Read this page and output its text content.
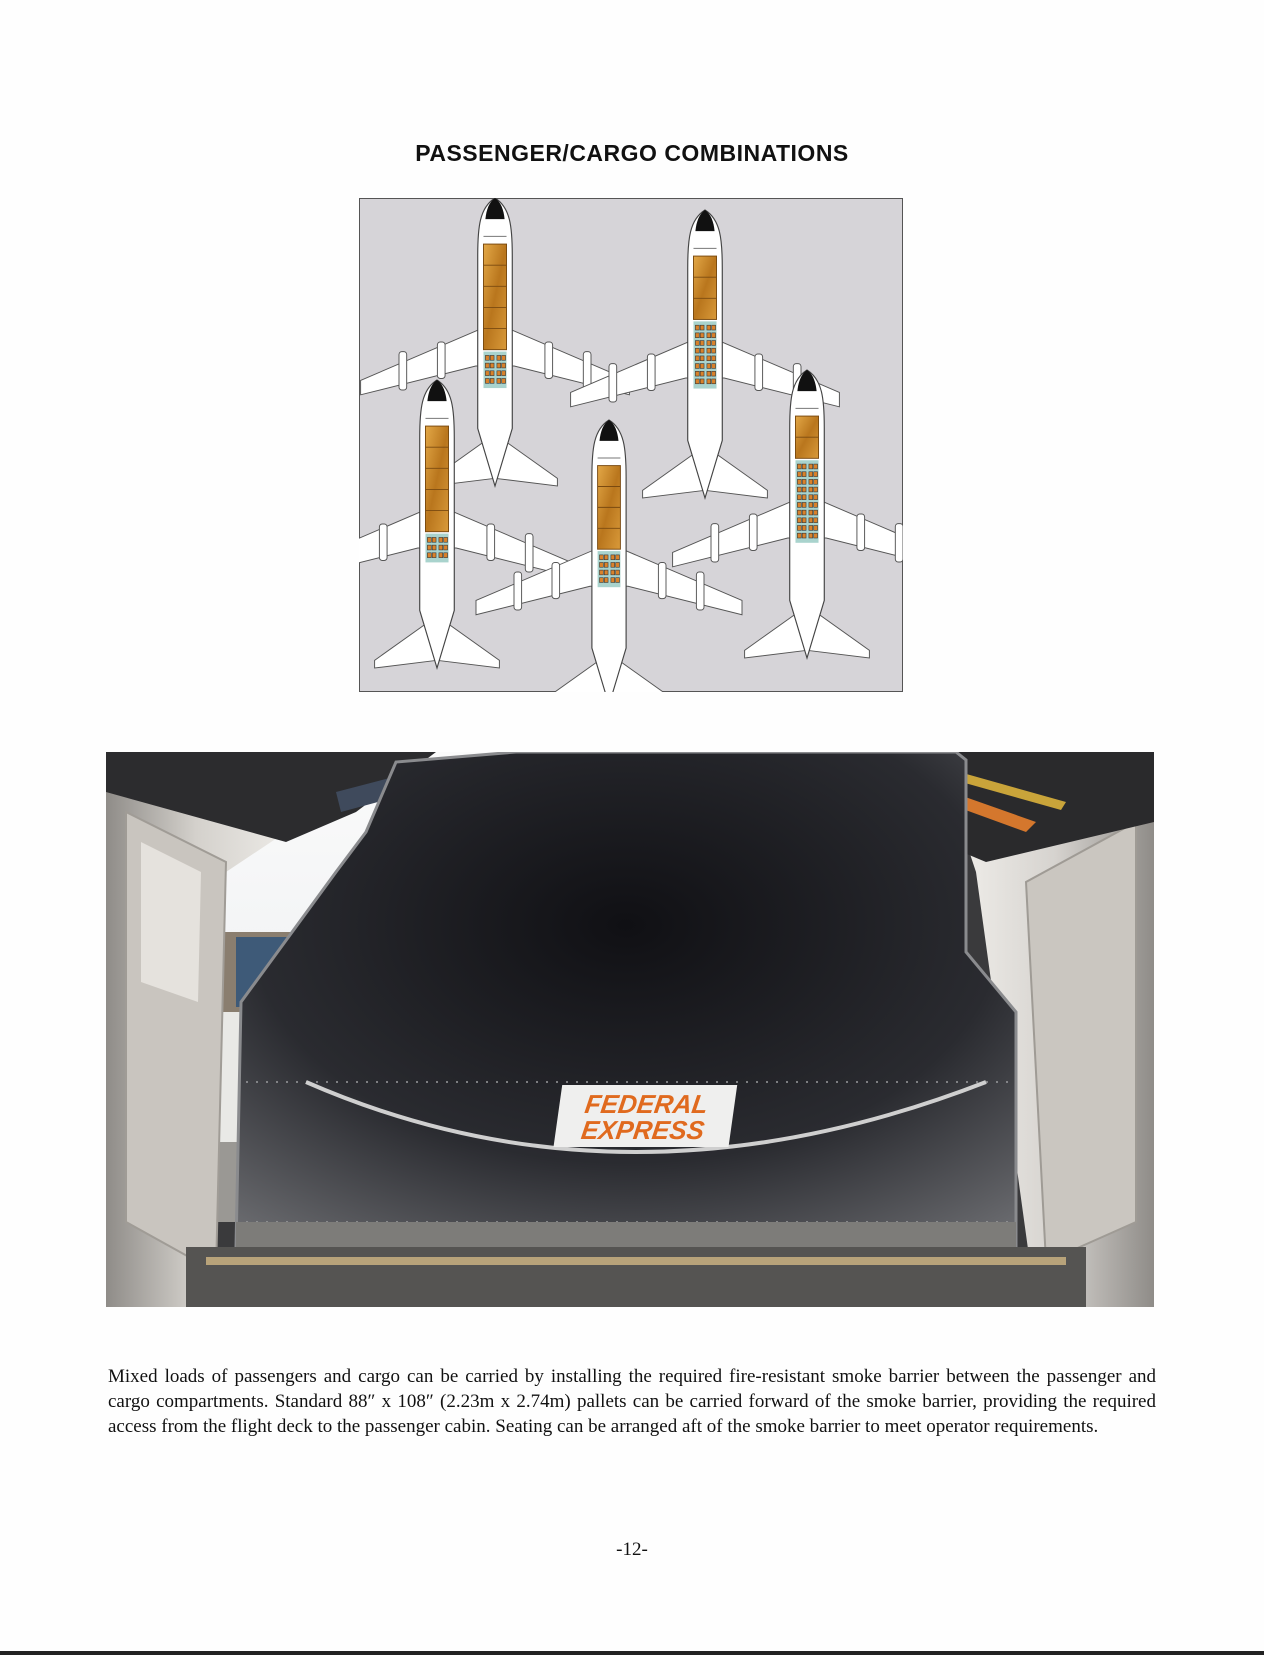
PASSENGER/CARGO COMBINATIONS
FEDERAL
EXPRESS
Mixed loads of passengers and cargo can be carried by installing the required fire-resistant smoke barrier between the passenger and cargo compartments. Standard 88″ x 108″ (2.23m x 2.74m) pallets can be carried forward of the smoke barrier, providing the required access from the flight deck to the passenger cabin. Seating can be arranged aft of the smoke barrier to meet operator requirements.
-12-
